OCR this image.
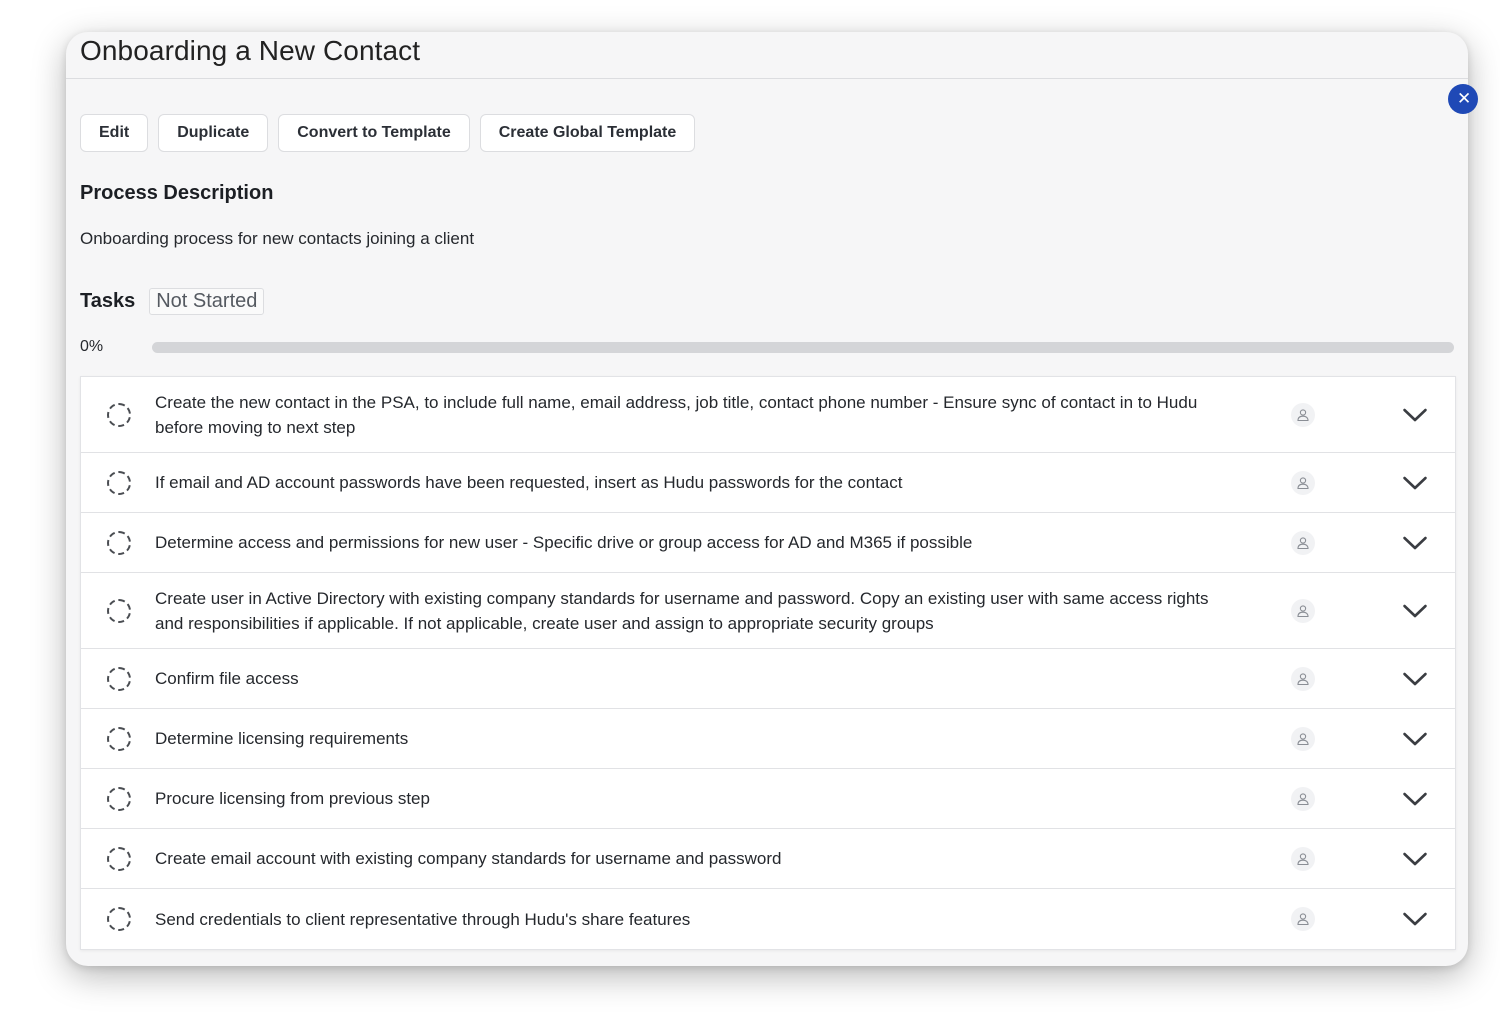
Onboarding a New Contact
✕
Edit	Duplicate	Convert to Template	Create Global Template
Process Description
Onboarding process for new contacts joining a client
Tasks	Not Started
0%
Create the new contact in the PSA, to include full name, email address, job title, contact phone number - Ensure sync of contact in to Hudu before moving to next step
If email and AD account passwords have been requested, insert as Hudu passwords for the contact
Determine access and permissions for new user - Specific drive or group access for AD and M365 if possible
Create user in Active Directory with existing company standards for username and password. Copy an existing user with same access rights and responsibilities if applicable. If not applicable, create user and assign to appropriate security groups
Confirm file access
Determine licensing requirements
Procure licensing from previous step
Create email account with existing company standards for username and password
Send credentials to client representative through Hudu's share features
